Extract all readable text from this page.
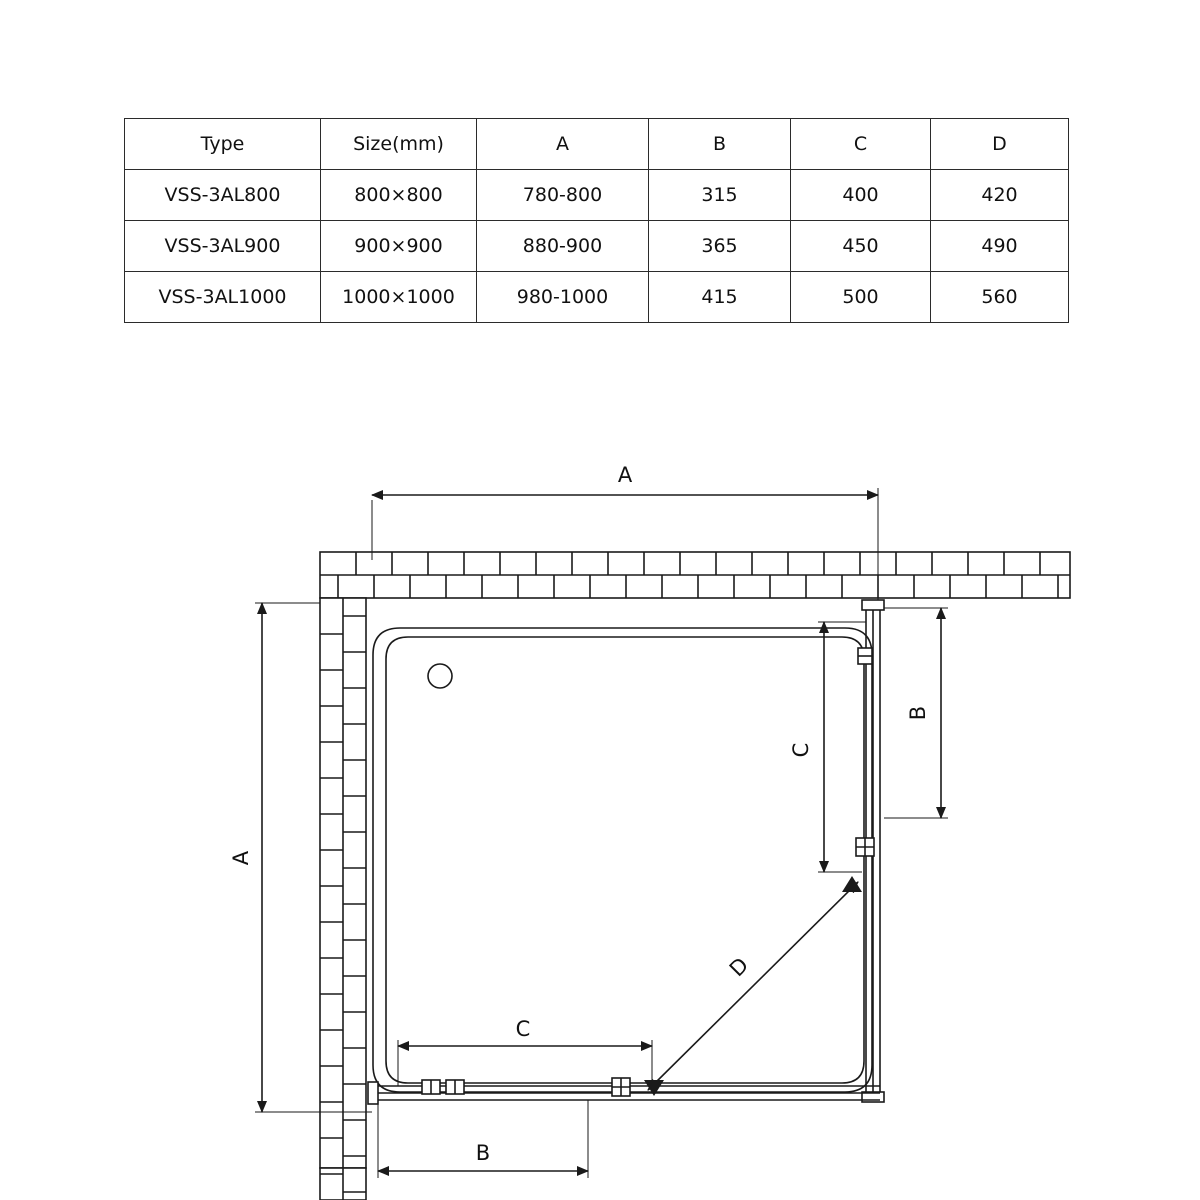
Type	Size(mm)	A	B	C	D
VSS-3AL800	800×800	780-800	315	400	420
VSS-3AL900	900×900	880-900	365	450	490
VSS-3AL1000	1000×1000	980-1000	415	500	560
A
A
B
C
C
D
B
